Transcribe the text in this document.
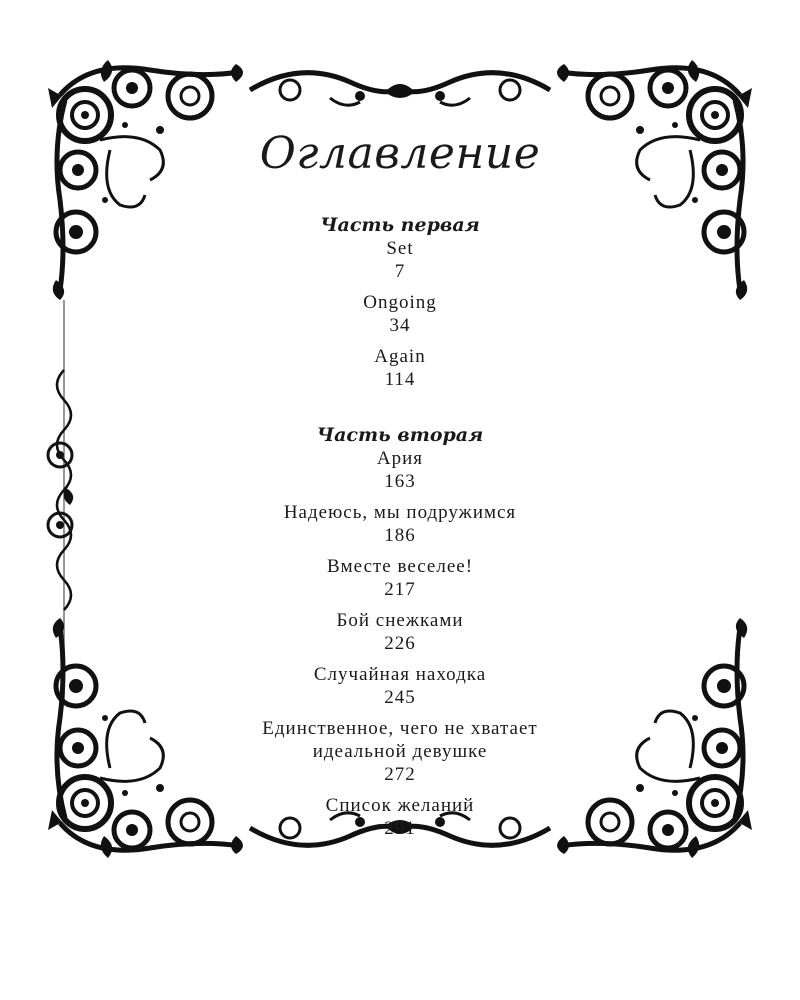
Оглавление
Часть первая
Set
7
Ongoing
34
Again
114
Часть вторая
Ария
163
Надеюсь, мы подружимся
186
Вместе веселее!
217
Бой снежками
226
Случайная находка
245
Единственное, чего не хватает
идеальной девушке
272
Список желаний
291
